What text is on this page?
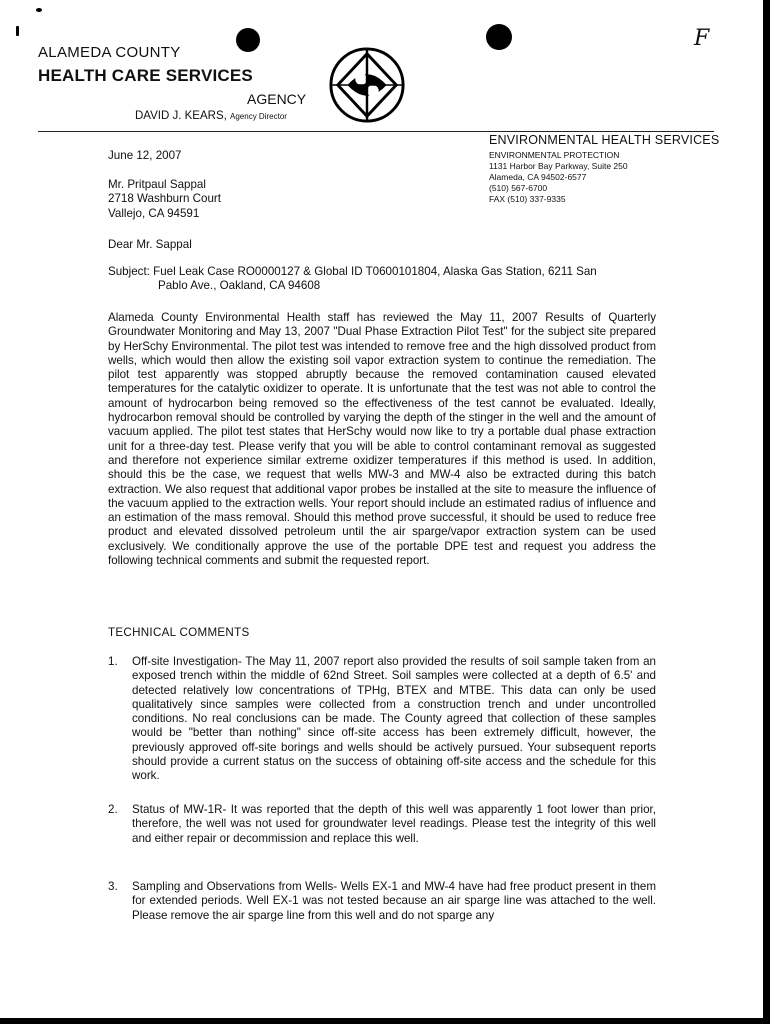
F
ALAMEDA COUNTY
HEALTH CARE SERVICES
AGENCY
DAVID J. KEARS, Agency Director
ENVIRONMENTAL HEALTH SERVICES
ENVIRONMENTAL PROTECTION
1131 Harbor Bay Parkway, Suite 250
Alameda, CA 94502-6577
(510) 567-6700
FAX (510) 337-9335
June 12, 2007
Mr. Pritpaul Sappal
2718 Washburn Court
Vallejo, CA 94591
Dear Mr. Sappal
Subject: Fuel Leak Case RO0000127 & Global ID T0600101804, Alaska Gas Station, 6211 San
Pablo Ave., Oakland, CA 94608
Alameda County Environmental Health staff has reviewed the May 11, 2007 Results of Quarterly Groundwater Monitoring and May 13, 2007 "Dual Phase Extraction Pilot Test" for the subject site prepared by HerSchy Environmental. The pilot test was intended to remove free and the high dissolved product from wells, which would then allow the existing soil vapor extraction system to continue the remediation. The pilot test apparently was stopped abruptly because the removed contamination caused elevated temperatures for the catalytic oxidizer to operate. It is unfortunate that the test was not able to control the amount of hydrocarbon being removed so the effectiveness of the test cannot be evaluated. Ideally, hydrocarbon removal should be controlled by varying the depth of the stinger in the well and the amount of vacuum applied. The pilot test states that HerSchy would now like to try a portable dual phase extraction unit for a three-day test. Please verify that you will be able to control contaminant removal as suggested and therefore not experience similar extreme oxidizer temperatures if this method is used. In addition, should this be the case, we request that wells MW-3 and MW-4 also be extracted during this batch extraction. We also request that additional vapor probes be installed at the site to measure the influence of the vacuum applied to the extraction wells. Your report should include an estimated radius of influence and an estimation of the mass removal. Should this method prove successful, it should be used to reduce free product and elevated dissolved petroleum until the air sparge/vapor extraction system can be used exclusively. We conditionally approve the use of the portable DPE test and request you address the following technical comments and submit the requested report.
TECHNICAL COMMENTS
1.	Off-site Investigation- The May 11, 2007 report also provided the results of soil sample taken from an exposed trench within the middle of 62nd Street. Soil samples were collected at a depth of 6.5' and detected relatively low concentrations of TPHg, BTEX and MTBE. This data can only be used qualitatively since samples were collected from a construction trench and under uncontrolled conditions. No real conclusions can be made. The County agreed that collection of these samples would be "better than nothing" since off-site access has been extremely difficult, however, the previously approved off-site borings and wells should be actively pursued. Your subsequent reports should provide a current status on the success of obtaining off-site access and the schedule for this work.
2.	Status of MW-1R- It was reported that the depth of this well was apparently 1 foot lower than prior, therefore, the well was not used for groundwater level readings. Please test the integrity of this well and either repair or decommission and replace this well.
3.	Sampling and Observations from Wells- Wells EX-1 and MW-4 have had free product present in them for extended periods. Well EX-1 was not tested because an air sparge line was attached to the well. Please remove the air sparge line from this well and do not sparge any
